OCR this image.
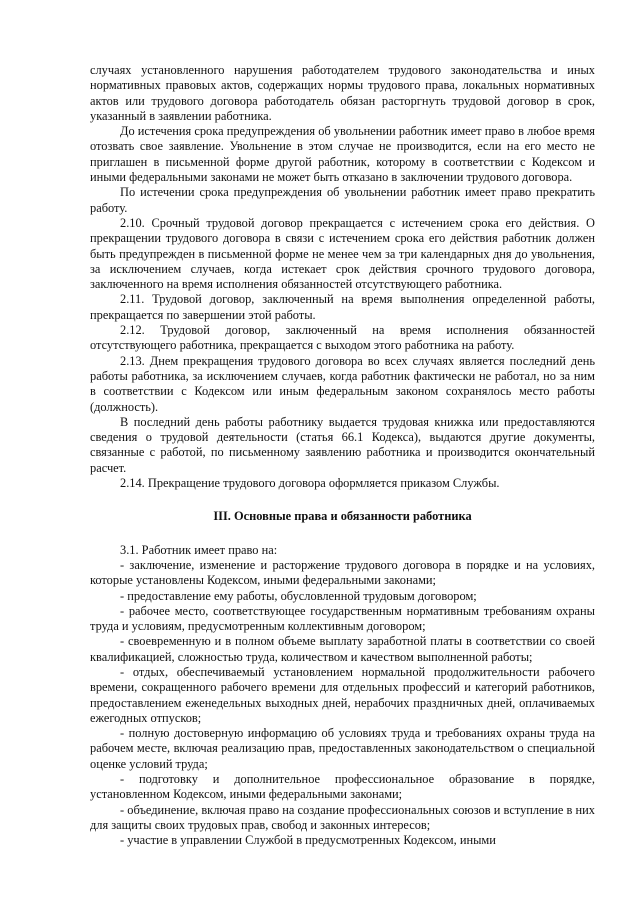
случаях установленного нарушения работодателем трудового законодательства и иных нормативных правовых актов, содержащих нормы трудового права, локальных нормативных актов или трудового договора работодатель обязан расторгнуть трудовой договор в срок, указанный в заявлении работника.

До истечения срока предупреждения об увольнении работник имеет право в любое время отозвать свое заявление. Увольнение в этом случае не производится, если на его место не приглашен в письменной форме другой работник, которому в соответствии с Кодексом и иными федеральными законами не может быть отказано в заключении трудового договора.

По истечении срока предупреждения об увольнении работник имеет право прекратить работу.

2.10. Срочный трудовой договор прекращается с истечением срока его действия. О прекращении трудового договора в связи с истечением срока его действия работник должен быть предупрежден в письменной форме не менее чем за три календарных дня до увольнения, за исключением случаев, когда истекает срок действия срочного трудового договора, заключенного на время исполнения обязанностей отсутствующего работника.

2.11. Трудовой договор, заключенный на время выполнения определенной работы, прекращается по завершении этой работы.

2.12. Трудовой договор, заключенный на время исполнения обязанностей отсутствующего работника, прекращается с выходом этого работника на работу.

2.13. Днем прекращения трудового договора во всех случаях является последний день работы работника, за исключением случаев, когда работник фактически не работал, но за ним в соответствии с Кодексом или иным федеральным законом сохранялось место работы (должность).

В последний день работы работнику выдается трудовая книжка или предоставляются сведения о трудовой деятельности (статья 66.1 Кодекса), выдаются другие документы, связанные с работой, по письменному заявлению работника и производится окончательный расчет.

2.14. Прекращение трудового договора оформляется приказом Службы.

III. Основные права и обязанности работника

3.1. Работник имеет право на:

- заключение, изменение и расторжение трудового договора в порядке и на условиях, которые установлены Кодексом, иными федеральными законами;

- предоставление ему работы, обусловленной трудовым договором;

- рабочее место, соответствующее государственным нормативным требованиям охраны труда и условиям, предусмотренным коллективным договором;

- своевременную и в полном объеме выплату заработной платы в соответствии со своей квалификацией, сложностью труда, количеством и качеством выполненной работы;

- отдых, обеспечиваемый установлением нормальной продолжительности рабочего времени, сокращенного рабочего времени для отдельных профессий и категорий работников, предоставлением еженедельных выходных дней, нерабочих праздничных дней, оплачиваемых ежегодных отпусков;

- полную достоверную информацию об условиях труда и требованиях охраны труда на рабочем месте, включая реализацию прав, предоставленных законодательством о специальной оценке условий труда;

- подготовку и дополнительное профессиональное образование в порядке, установленном Кодексом, иными федеральными законами;

- объединение, включая право на создание профессиональных союзов и вступление в них для защиты своих трудовых прав, свобод и законных интересов;

- участие в управлении Службой в предусмотренных Кодексом, иными
